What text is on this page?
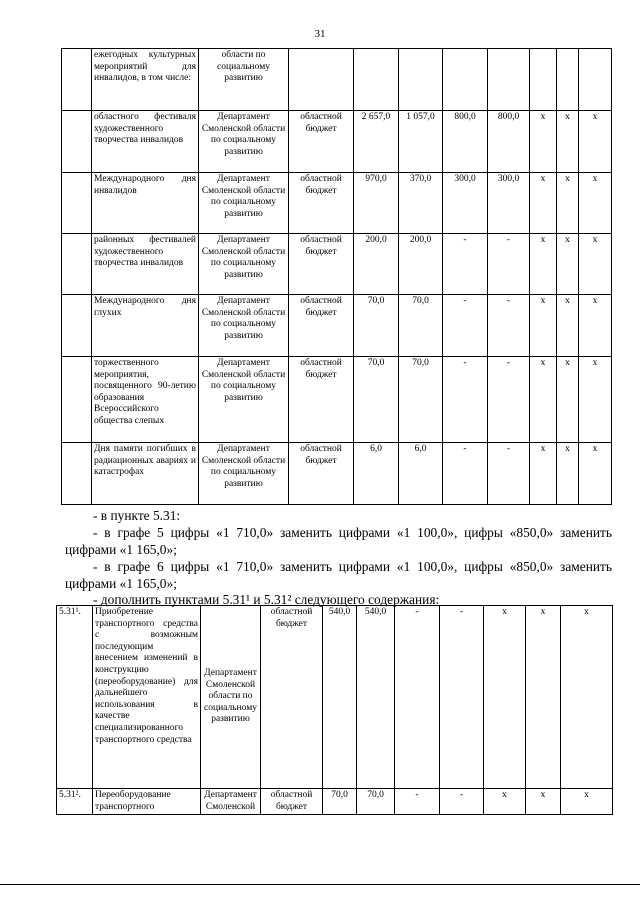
31
	ежегодных культурных мероприятий для инвалидов, в том числе:	области по социальному развитию								
	областного фестиваля художественного творчества инвалидов	Департамент Смоленской области по социальному развитию	областной бюджет	2 657,0	1 057,0	800,0	800,0	х	х	х
	Международного дня инвалидов	Департамент Смоленской области по социальному развитию	областной бюджет	970,0	370,0	300,0	300,0	х	х	х
	районных фестивалей художественного творчества инвалидов	Департамент Смоленской области по социальному развитию	областной бюджет	200,0	200,0	-	-	х	х	х
	Международного дня глухих	Департамент Смоленской области по социальному развитию	областной бюджет	70,0	70,0	-	-	х	х	х
	торжественного мероприятия, посвященного 90-летию образования Всероссийского общества слепых	Департамент Смоленской области по социальному развитию	областной бюджет	70,0	70,0	-	-	х	х	х
	Дня памяти погибших в радиационных авариях и катастрофах	Департамент Смоленской области по социальному развитию	областной бюджет	6,0	6,0	-	-	х	х	х
- в пункте 5.31:
- в графе 5 цифры «1 710,0» заменить цифрами «1 100,0», цифры «850,0» заменить цифрами «1 165,0»;
- в графе 6 цифры «1 710,0» заменить цифрами «1 100,0», цифры «850,0» заменить цифрами «1 165,0»;
- дополнить пунктами 5.31¹ и 5.31² следующего содержания:
5.31¹.	Приобретение транспортного средства с возможным последующим внесением изменений в конструкцию (переоборудование) для дальнейшего использования в качестве специализированного транспортного средства	Департамент Смоленской области по социальному развитию	областной бюджет	540,0	540,0	-	-	х	х	х
5.31².	Переоборудование транспортного	Департамент Смоленской	областной бюджет	70,0	70,0	-	-	х	х	х
